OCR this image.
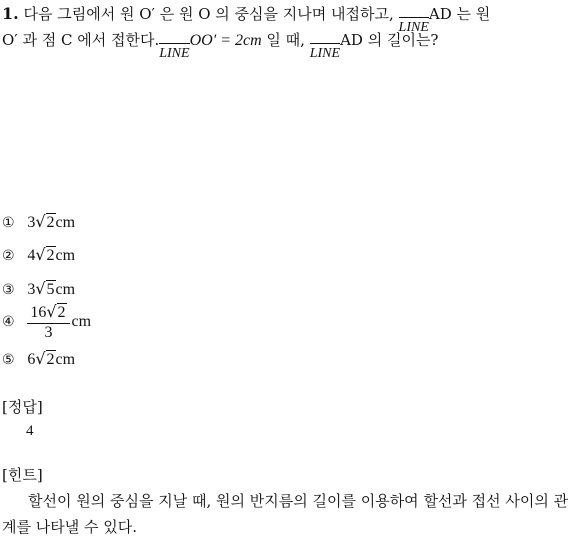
1. 다음 그림에서 원 O′ 은 원 O 의 중심을 지나며 내접하고, LINEAD 는 원
O′ 과 점 C 에서 접한다.LINEOO′ = 2cm 일 때, LINEAD 의 길이는?
① 3√2cm
② 4√2cm
③ 3√5cm
④ $\frac{16√2}{3}$ cm
⑤ 6√2cm
[정답]
4
[힌트]
할선이 원의 중심을 지날 때, 원의 반지름의 길이를 이용하여 할선과 접선 사이의 관계를 나타낼 수 있다.
